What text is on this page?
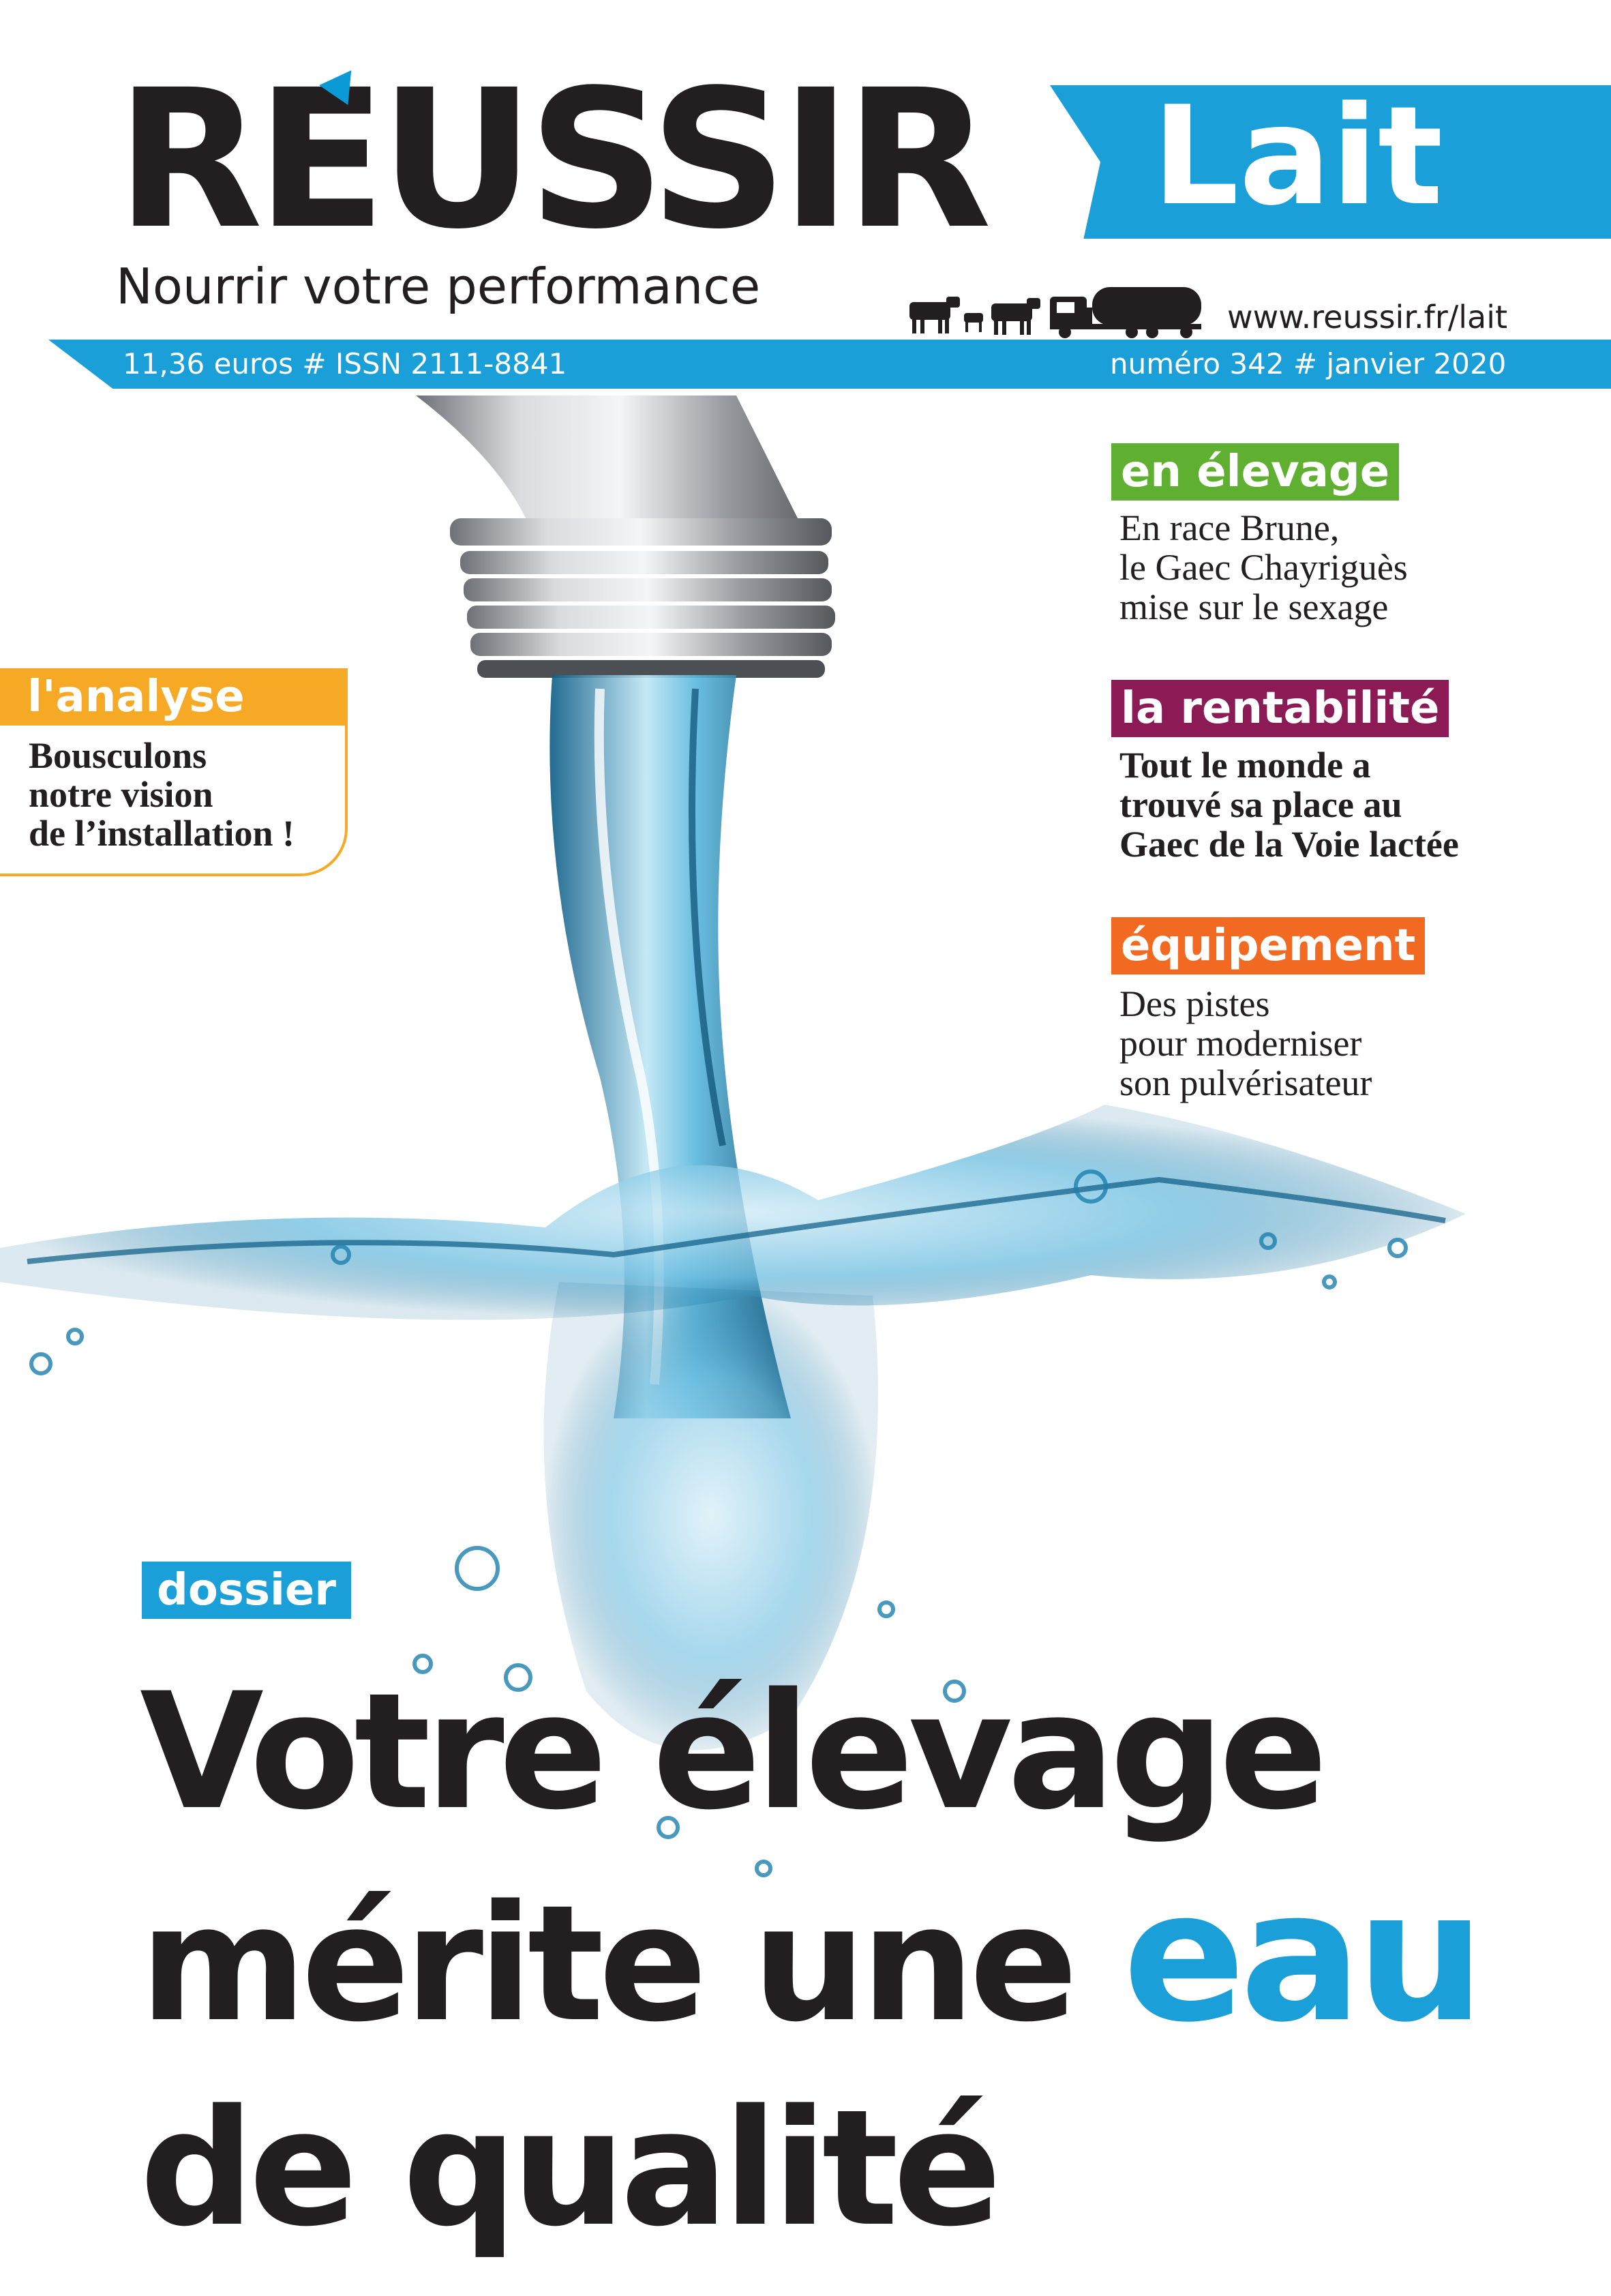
REUSSIR Lait
Nourrir votre performance
www.reussir.fr/lait
11,36 euros # ISSN 2111-8841	numéro 342 # janvier 2020
en élevage
En race Brune,
le Gaec Chayriguès
mise sur le sexage
la rentabilité
Tout le monde a
trouvé sa place au
Gaec de la Voie lactée
équipement
Des pistes
pour moderniser
son pulvérisateur
l'analyse
Bousculons
notre vision
de l’installation !
dossier
Votre élevage
mérite une eau
de qualité
